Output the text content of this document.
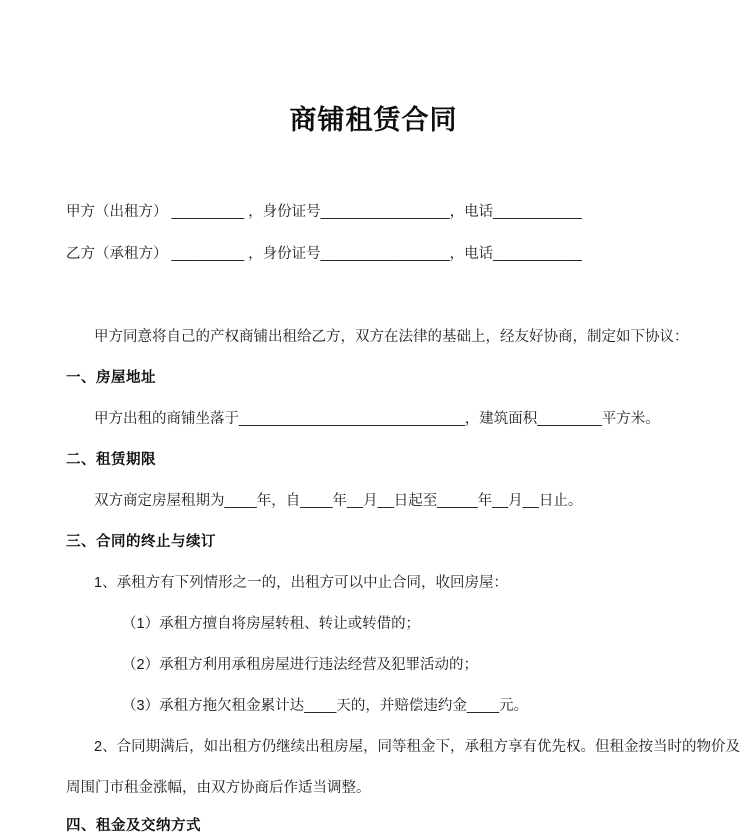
商铺租赁合同

甲方（出租方） _________ ，身份证号________________，电话___________

乙方（承租方） _________ ，身份证号________________，电话___________

甲方同意将自己的产权商铺出租给乙方，双方在法律的基础上，经友好协商，制定如下协议：

一、房屋地址

甲方出租的商铺坐落于____________________________，建筑面积________平方米。

二、租赁期限

双方商定房屋租期为____年，自____年__月__日起至_____年__月__日止。

三、合同的终止与续订

1、承租方有下列情形之一的，出租方可以中止合同，收回房屋：

（1）承租方擅自将房屋转租、转让或转借的；

（2）承租方利用承租房屋进行违法经营及犯罪活动的；

（3）承租方拖欠租金累计达____天的，并赔偿违约金____元。

2、合同期满后，如出租方仍继续出租房屋，同等租金下，承租方享有优先权。但租金按当时的物价及

周围门市租金涨幅，由双方协商后作适当调整。

四、租金及交纳方式
